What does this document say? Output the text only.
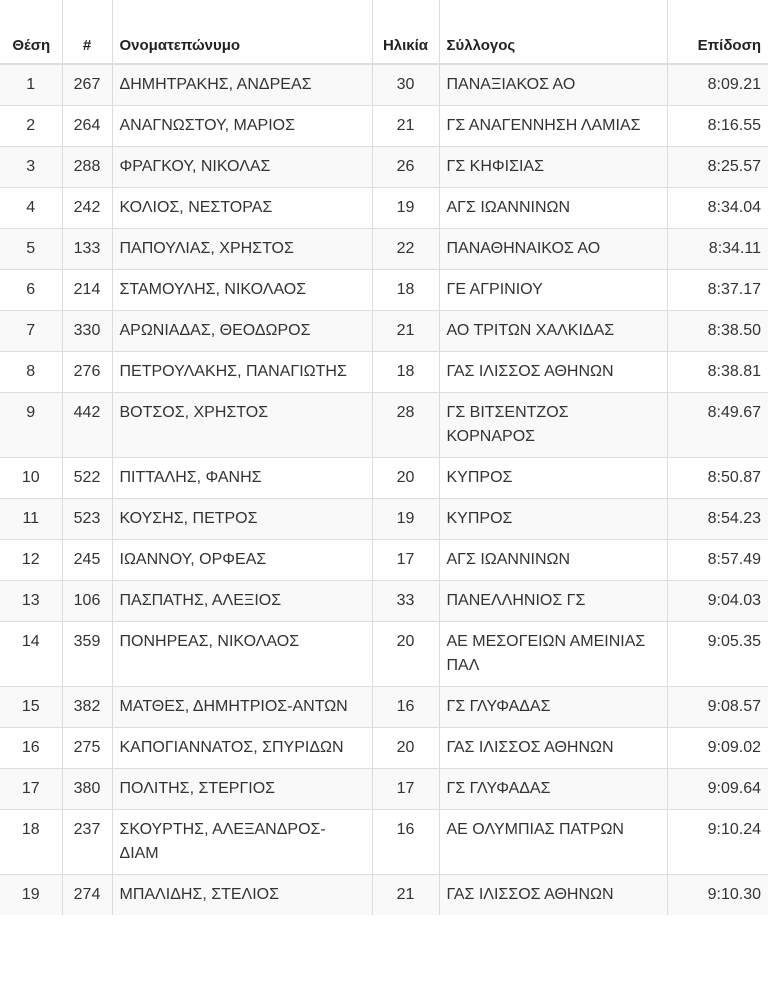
Θέση	#	Ονοματεπώνυμο	Ηλικία	Σύλλογος	Επίδοση
1	267	ΔΗΜΗΤΡΑΚΗΣ, ΑΝΔΡΕΑΣ	30	ΠΑΝΑΞΙΑΚΟΣ ΑΟ	8:09.21
2	264	ΑΝΑΓΝΩΣΤΟΥ, ΜΑΡΙΟΣ	21	ΓΣ ΑΝΑΓΕΝΝΗΣΗ ΛΑΜΙΑΣ	8:16.55
3	288	ΦΡΑΓΚΟΥ, ΝΙΚΟΛΑΣ	26	ΓΣ ΚΗΦΙΣΙΑΣ	8:25.57
4	242	ΚΟΛΙΟΣ, ΝΕΣΤΟΡΑΣ	19	ΑΓΣ ΙΩΑΝΝΙΝΩΝ	8:34.04
5	133	ΠΑΠΟΥΛΙΑΣ, ΧΡΗΣΤΟΣ	22	ΠΑΝΑΘΗΝΑΙΚΟΣ ΑΟ	8:34.11
6	214	ΣΤΑΜΟΥΛΗΣ, ΝΙΚΟΛΑΟΣ	18	ΓΕ ΑΓΡΙΝΙΟΥ	8:37.17
7	330	ΑΡΩΝΙΑΔΑΣ, ΘΕΟΔΩΡΟΣ	21	ΑΟ ΤΡΙΤΩΝ ΧΑΛΚΙΔΑΣ	8:38.50
8	276	ΠΕΤΡΟΥΛΑΚΗΣ, ΠΑΝΑΓΙΩΤΗΣ	18	ΓΑΣ ΙΛΙΣΣΟΣ ΑΘΗΝΩΝ	8:38.81
9	442	ΒΟΤΣΟΣ, ΧΡΗΣΤΟΣ	28	ΓΣ ΒΙΤΣΕΝΤΖΟΣ ΚΟΡΝΑΡΟΣ	8:49.67
10	522	ΠΙΤΤΑΛΗΣ, ΦΑΝΗΣ	20	ΚΥΠΡΟΣ	8:50.87
11	523	ΚΟΥΣΗΣ, ΠΕΤΡΟΣ	19	ΚΥΠΡΟΣ	8:54.23
12	245	ΙΩΑΝΝΟΥ, ΟΡΦΕΑΣ	17	ΑΓΣ ΙΩΑΝΝΙΝΩΝ	8:57.49
13	106	ΠΑΣΠΑΤΗΣ, ΑΛΕΞΙΟΣ	33	ΠΑΝΕΛΛΗΝΙΟΣ ΓΣ	9:04.03
14	359	ΠΟΝΗΡΕΑΣ, ΝΙΚΟΛΑΟΣ	20	ΑΕ ΜΕΣΟΓΕΙΩΝ ΑΜΕΙΝΙΑΣ ΠΑΛ	9:05.35
15	382	ΜΑΤΘΕΣ, ΔΗΜΗΤΡΙΟΣ-ΑΝΤΩΝ	16	ΓΣ ΓΛΥΦΑΔΑΣ	9:08.57
16	275	ΚΑΠΟΓΙΑΝΝΑΤΟΣ, ΣΠΥΡΙΔΩΝ	20	ΓΑΣ ΙΛΙΣΣΟΣ ΑΘΗΝΩΝ	9:09.02
17	380	ΠΟΛΙΤΗΣ, ΣΤΕΡΓΙΟΣ	17	ΓΣ ΓΛΥΦΑΔΑΣ	9:09.64
18	237	ΣΚΟΥΡΤΗΣ, ΑΛΕΞΑΝΔΡΟΣ-ΔΙΑΜ	16	ΑΕ ΟΛΥΜΠΙΑΣ ΠΑΤΡΩΝ	9:10.24
19	274	ΜΠΑΛΙΔΗΣ, ΣΤΕΛΙΟΣ	21	ΓΑΣ ΙΛΙΣΣΟΣ ΑΘΗΝΩΝ	9:10.30
